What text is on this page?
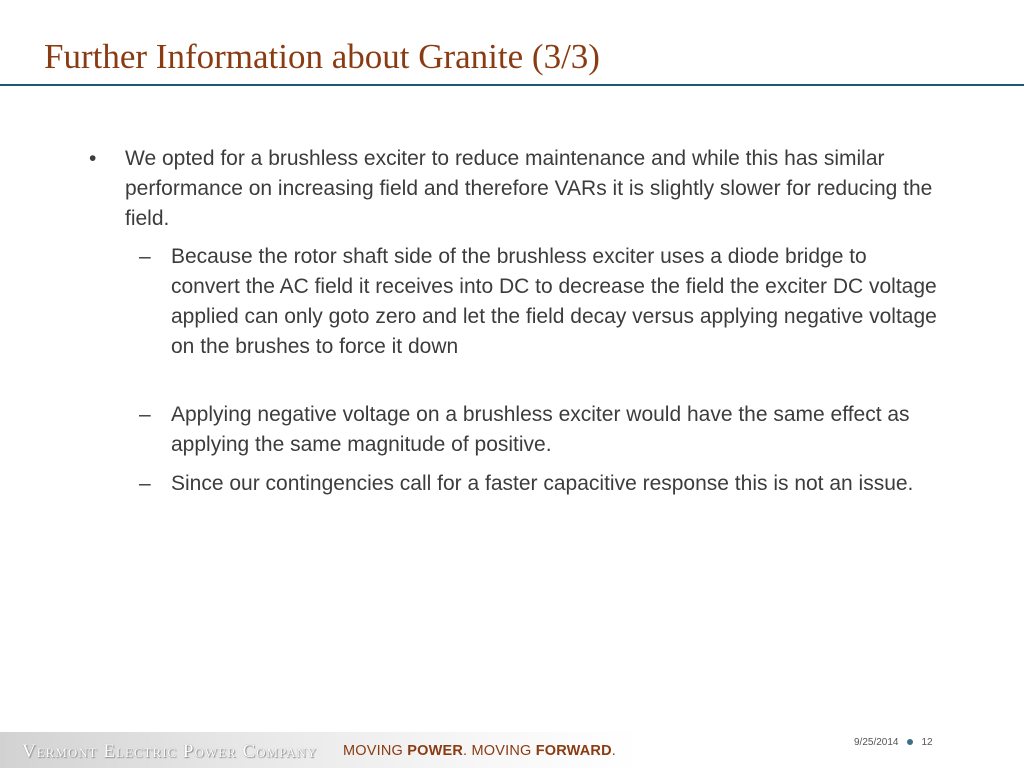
Further Information about Granite (3/3)
•	We opted for a brushless exciter to reduce maintenance and while this has similar performance on increasing field and therefore VARs it is slightly slower for reducing the field.
– Because the rotor shaft side of the brushless exciter uses a diode bridge to convert the AC field it receives into DC to decrease the field the exciter DC voltage applied can only goto zero and let the field decay versus applying negative voltage on the brushes to force it down
– Applying negative voltage on a brushless exciter would have the same effect as applying the same magnitude of positive.
– Since our contingencies call for a faster capacitive response this is not an issue.
Vermont Electric Power Company MOVING POWER. MOVING FORWARD.
9/25/2014 12
